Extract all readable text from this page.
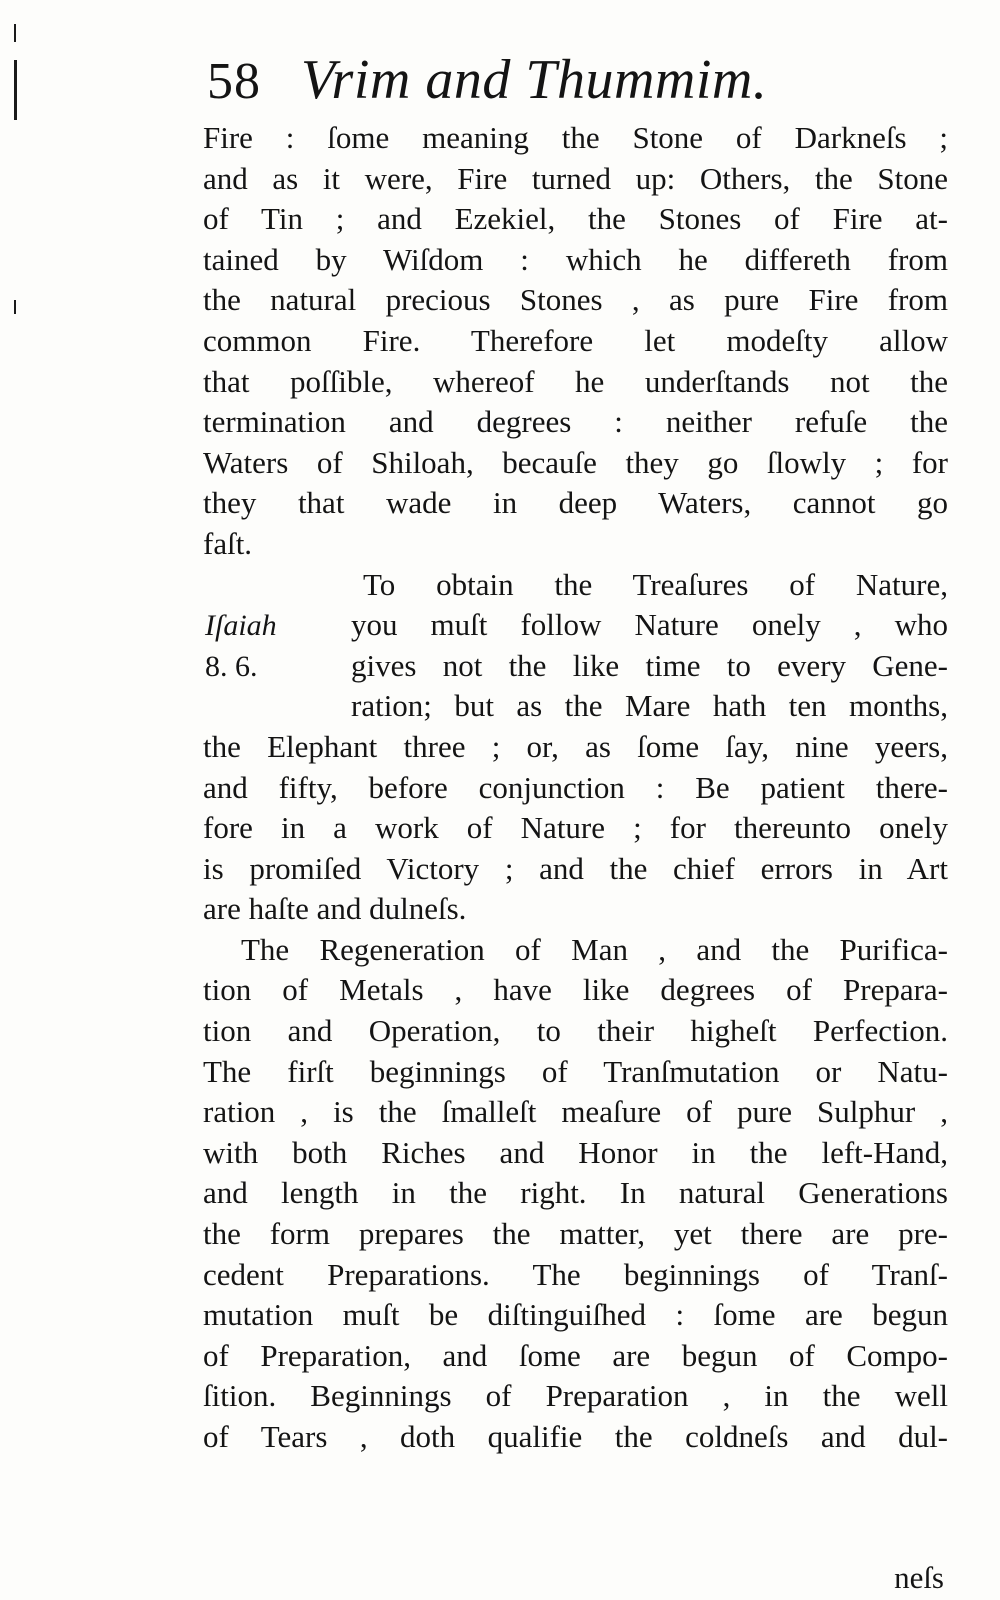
58 Vrim and Thummim.
Fire : ſome meaning the Stone of Darkneſs ;
and as it were, Fire turned up: Others, the Stone
of Tin ; and Ezekiel, the Stones of Fire at-
tained by Wiſdom : which he differeth from
the natural precious Stones , as pure Fire from
common Fire. Therefore let modeſty allow
that poſſible, whereof he underſtands not the
termination and degrees : neither refuſe the
Waters of Shiloah, becauſe they go ſlowly ; for
they that wade in deep Waters, cannot go
faſt.
To obtain the Treaſures of Nature,
you muſt follow Nature onely , who
gives not the like time to every Gene-
ration; but as the Mare hath ten months,
the Elephant three ; or, as ſome ſay, nine yeers,
and fifty, before conjunction : Be patient there-
fore in a work of Nature ; for thereunto onely
is promiſed Victory ; and the chief errors in Art
are haſte and dulneſs.
The Regeneration of Man , and the Purifica-
tion of Metals , have like degrees of Prepara-
tion and Operation, to their higheſt Perfection.
The firſt beginnings of Tranſmutation or Natu-
ration , is the ſmalleſt meaſure of pure Sulphur ,
with both Riches and Honor in the left-Hand,
and length in the right. In natural Generations
the form prepares the matter, yet there are pre-
cedent Preparations. The beginnings of Tranſ-
mutation muſt be diſtinguiſhed : ſome are begun
of Preparation, and ſome are begun of Compo-
ſition. Beginnings of Preparation , in the well
of Tears , doth qualifie the coldneſs and dul-
Iſaiah
8. 6.
neſs
